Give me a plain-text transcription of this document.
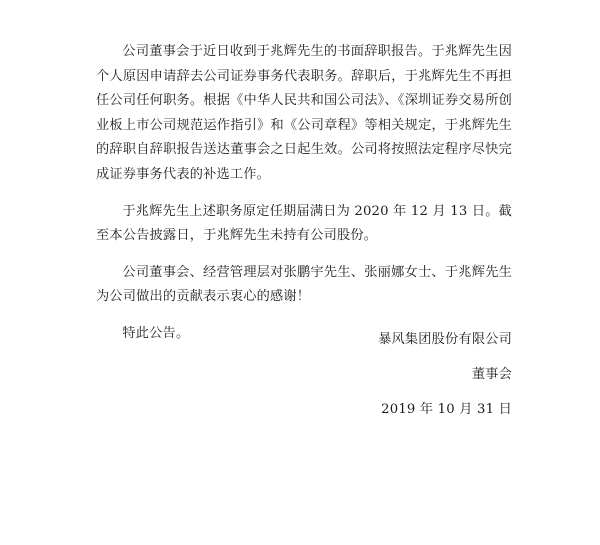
公司董事会于近日收到于兆辉先生的书面辞职报告。于兆辉先生因个人原因申请辞去公司证券事务代表职务。辞职后，于兆辉先生不再担任公司任何职务。根据《中华人民共和国公司法》、《深圳证券交易所创业板上市公司规范运作指引》和《公司章程》等相关规定，于兆辉先生的辞职自辞职报告送达董事会之日起生效。公司将按照法定程序尽快完成证券事务代表的补选工作。

于兆辉先生上述职务原定任期届满日为 2020 年 12 月 13 日。截至本公告披露日，于兆辉先生未持有公司股份。

公司董事会、经营管理层对张鹏宇先生、张丽娜女士、于兆辉先生为公司做出的贡献表示衷心的感谢！

特此公告。	暴风集团股份有限公司
董事会
2019 年 10 月 31 日
